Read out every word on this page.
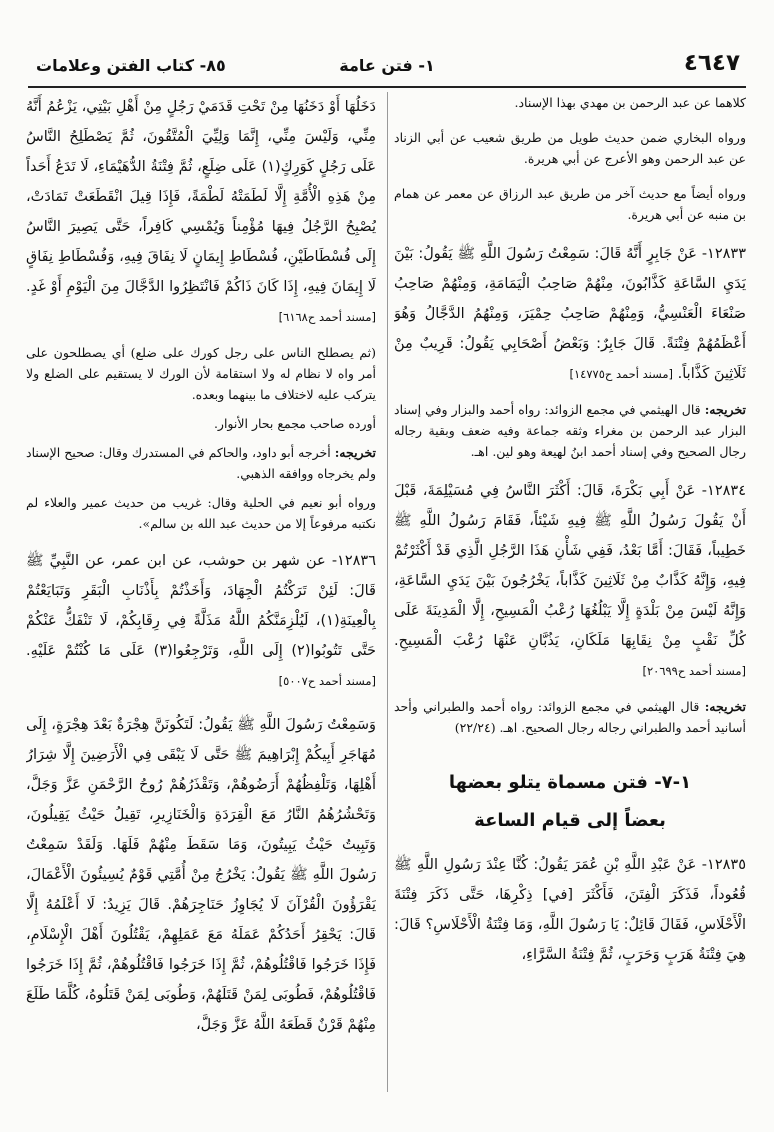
٤٦٤٧
١- فتن عامة
٨٥- كتاب الفتن وعلامات

كلاهما عن عبد الرحمن بن مهدي بهذا الإسناد.

ورواه البخاري ضمن حديث طويل من طريق شعيب عن أبي الزناد عن عبد الرحمن وهو الأعرج عن أبي هريرة.

ورواه أيضاً مع حديث آخر من طريق عبد الرزاق عن معمر عن همام بن منبه عن أبي هريرة.

١٢٨٣٣- عَنْ جَابِرٍ أَنَّهُ قَالَ: سَمِعْتُ رَسُولَ اللَّهِ ﷺ يَقُولُ: بَيْنَ يَدَيِ السَّاعَةِ كَذَّابُونَ، مِنْهُمْ صَاحِبُ الْيَمَامَةِ، وَمِنْهُمْ صَاحِبُ صَنْعَاءَ الْعَنْسِيُّ، وَمِنْهُمْ صَاحِبُ حِمْيَرَ، وَمِنْهُمُ الدَّجَّالُ وَهُوَ أَعْظَمُهُمْ فِتْنَةً. قَالَ جَابِرٌ: وَبَعْضُ أَصْحَابِي يَقُولُ: قَرِيبٌ مِنْ ثَلَاثِينَ كَذَّاباً. [مسند أحمد ح١٤٧٧٥]

تخريجه: قال الهيثمي في مجمع الزوائد: رواه أحمد والبزار وفي إسناد البزار عبد الرحمن بن مغراء وثقه جماعة وفيه ضعف وبقية رجاله رجال الصحيح وفي إسناد أحمد ابنُ لهيعة وهو لين. اهـ.

١٢٨٣٤- عَنْ أَبِي بَكْرَةَ، قَالَ: أَكْثَرَ النَّاسُ فِي مُسَيْلِمَةَ، قَبْلَ أَنْ يَقُولَ رَسُولُ اللَّهِ ﷺ فِيهِ شَيْئاً، فَقَامَ رَسُولُ اللَّهِ ﷺ خَطِيباً، فَقَالَ: أَمَّا بَعْدُ، فَفِي شَأْنِ هَذَا الرَّجُلِ الَّذِي قَدْ أَكْثَرْتُمْ فِيهِ، وَإِنَّهُ كَذَّابٌ مِنْ ثَلَاثِينَ كَذَّاباً، يَخْرُجُونَ بَيْنَ يَدَيِ السَّاعَةِ، وَإِنَّهُ لَيْسَ مِنْ بَلْدَةٍ إِلَّا يَبْلُغُهَا رُعْبُ الْمَسِيحِ، إِلَّا الْمَدِينَةَ عَلَى كُلِّ نَقْبٍ مِنْ نِقَابِهَا مَلَكَانِ، يَذُبَّانِ عَنْهَا رُعْبَ الْمَسِيحِ. [مسند أحمد ح٢٠٦٩٩]

تخريجه: قال الهيثمي في مجمع الزوائد: رواه أحمد والطبراني وأحد أسانيد أحمد والطبراني رجاله رجال الصحيح. اهـ. (٢٢/٢٤)

١-٧- فتن مسماة يتلو بعضها
بعضاً إلى قيام الساعة

١٢٨٣٥- عَنْ عَبْدِ اللَّهِ بْنِ عُمَرَ يَقُولُ: كُنَّا عِنْدَ رَسُولِ اللَّهِ ﷺ قُعُوداً، فَذَكَرَ الْفِتَنَ، فَأَكْثَرَ [في] ذِكْرِهَا، حَتَّى ذَكَرَ فِتْنَةَ الْأَحْلَاسِ، فَقَالَ قَائِلٌ: يَا رَسُولَ اللَّهِ، وَمَا فِتْنَةُ الْأَحْلَاسِ؟ قَالَ: هِيَ فِتْنَةُ هَرَبٍ وَحَرَبٍ، ثُمَّ فِتْنَةُ السَّرَّاءِ،

دَخَلُهَا أَوْ دَخَنُهَا مِنْ تَحْتِ قَدَمَيْ رَجُلٍ مِنْ أَهْلِ بَيْتِي، يَزْعُمُ أَنَّهُ مِنِّي، وَلَيْسَ مِنِّي، إِنَّمَا وَلِيِّيَ الْمُتَّقُونَ، ثُمَّ يَصْطَلِحُ النَّاسُ عَلَى رَجُلٍ كَوَرِكٍ(١) عَلَى ضِلَعٍ، ثُمَّ فِتْنَةُ الدُّهَيْمَاءِ، لَا تَدَعُ أَحَداً مِنْ هَذِهِ الْأُمَّةِ إِلَّا لَطَمَتْهُ لَطْمَةً، فَإِذَا قِيلَ انْقَطَعَتْ تَمَادَتْ، يُصْبِحُ الرَّجُلُ فِيهَا مُؤْمِناً وَيُمْسِي كَافِراً، حَتَّى يَصِيرَ النَّاسُ إِلَى فُسْطَاطَيْنِ، فُسْطَاطِ إِيمَانٍ لَا نِفَاقَ فِيهِ، وَفُسْطَاطِ نِفَاقٍ لَا إِيمَانَ فِيهِ، إِذَا كَانَ ذَاكُمْ فَانْتَظِرُوا الدَّجَّالَ مِنَ الْيَوْمِ أَوْ غَدٍ. [مسند أحمد ح٦١٦٨]

(ثم يصطلح الناس على رجل كورك على ضلع) أي يصطلحون على أمر واه لا نظام له ولا استقامة لأن الورك لا يستقيم على الضلع ولا يتركب عليه لاختلاف ما بينهما وبعده.

أورده صاحب مجمع بحار الأنوار.

تخريجه: أخرجه أبو داود، والحاكم في المستدرك وقال: صحيح الإسناد ولم يخرجاه ووافقه الذهبي.

ورواه أبو نعيم في الحلية وقال: غريب من حديث عمير والعلاء لم نكتبه مرفوعاً إلا من حديث عبد الله بن سالم».

١٢٨٣٦- عن شهر بن حوشب، عن ابن عمر، عن النَّبِيِّ ﷺ قَالَ: لَئِنْ تَرَكْتُمُ الْجِهَادَ، وَأَخَذْتُمْ بِأَذْنَابِ الْبَقَرِ وَتَبَايَعْتُمْ بِالْعِينَةِ(١)، لَيُلْزِمَنَّكُمُ اللَّهُ مَذَلَّةً فِي رِقَابِكُمْ، لَا تَنْفَكُّ عَنْكُمْ حَتَّى تَتُوبُوا(٢) إِلَى اللَّهِ، وَتَرْجِعُوا(٣) عَلَى مَا كُنْتُمْ عَلَيْهِ. [مسند أحمد ح٥٠٠٧]

وَسَمِعْتُ رَسُولَ اللَّهِ ﷺ يَقُولُ: لَتَكُونَنَّ هِجْرَةٌ بَعْدَ هِجْرَةٍ، إِلَى مُهَاجَرِ أَبِيكُمْ إِبْرَاهِيمَ ﷺ حَتَّى لَا يَبْقَى فِي الْأَرَضِينَ إِلَّا شِرَارُ أَهْلِهَا، وَتَلْفِظُهُمْ أَرَضُوهُمْ، وَتَقْذَرُهُمْ رُوحُ الرَّحْمَنِ عَزَّ وَجَلَّ، وَتَحْشُرُهُمُ النَّارُ مَعَ الْقِرَدَةِ وَالْخَنَازِيرِ، تَقِيلُ حَيْثُ يَقِيلُونَ، وَتَبِيتُ حَيْثُ يَبِيتُونَ، وَمَا سَقَطَ مِنْهُمْ فَلَهَا. وَلَقَدْ سَمِعْتُ رَسُولَ اللَّهِ ﷺ يَقُولُ: يَخْرُجُ مِنْ أُمَّتِي قَوْمٌ يُسِيئُونَ الْأَعْمَالَ، يَقْرَؤُونَ الْقُرْآنَ لَا يُجَاوِزُ حَنَاجِرَهُمْ. قَالَ يَزِيدُ: لَا أَعْلَمُهُ إِلَّا قَالَ: يَحْقِرُ أَحَدُكُمْ عَمَلَهُ مَعَ عَمَلِهِمْ، يَقْتُلُونَ أَهْلَ الْإِسْلَامِ، فَإِذَا خَرَجُوا فَاقْتُلُوهُمْ، ثُمَّ إِذَا خَرَجُوا فَاقْتُلُوهُمْ، ثُمَّ إِذَا خَرَجُوا فَاقْتُلُوهُمْ، فَطُوبَى لِمَنْ قَتَلَهُمْ، وَطُوبَى لِمَنْ قَتَلُوهُ، كُلَّمَا طَلَعَ مِنْهُمْ قَرْنٌ قَطَعَهُ اللَّهُ عَزَّ وَجَلَّ،
